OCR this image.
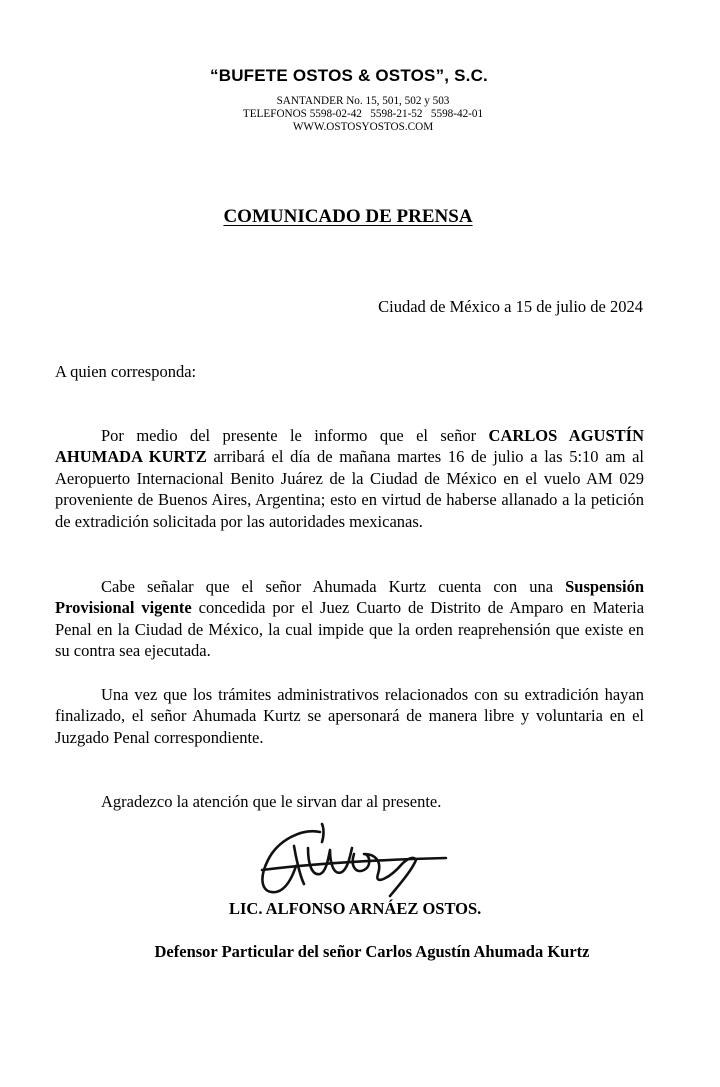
“BUFETE OSTOS & OSTOS”, S.C.
SANTANDER No. 15, 501, 502 y 503
TELEFONOS 5598-02-42   5598-21-52   5598-42-01
WWW.OSTOSYOSTOS.COM
COMUNICADO DE PRENSA
Ciudad de México a 15 de julio de 2024
A quien corresponda:
Por medio del presente le informo que el señor CARLOS AGUSTÍN AHUMADA KURTZ arribará el día de mañana martes 16 de julio a las 5:10 am al Aeropuerto Internacional Benito Juárez de la Ciudad de México en el vuelo AM 029 proveniente de Buenos Aires, Argentina; esto en virtud de haberse allanado a la petición de extradición solicitada por las autoridades mexicanas.
Cabe señalar que el señor Ahumada Kurtz cuenta con una Suspensión Provisional vigente concedida por el Juez Cuarto de Distrito de Amparo en Materia Penal en la Ciudad de México, la cual impide que la orden reaprehensión que existe en su contra sea ejecutada.
Una vez que los trámites administrativos relacionados con su extradición hayan finalizado, el señor Ahumada Kurtz se apersonará de manera libre y voluntaria en el Juzgado Penal correspondiente.
Agradezco la atención que le sirvan dar al presente.
LIC. ALFONSO ARNÁEZ OSTOS.
Defensor Particular del señor Carlos Agustín Ahumada Kurtz
